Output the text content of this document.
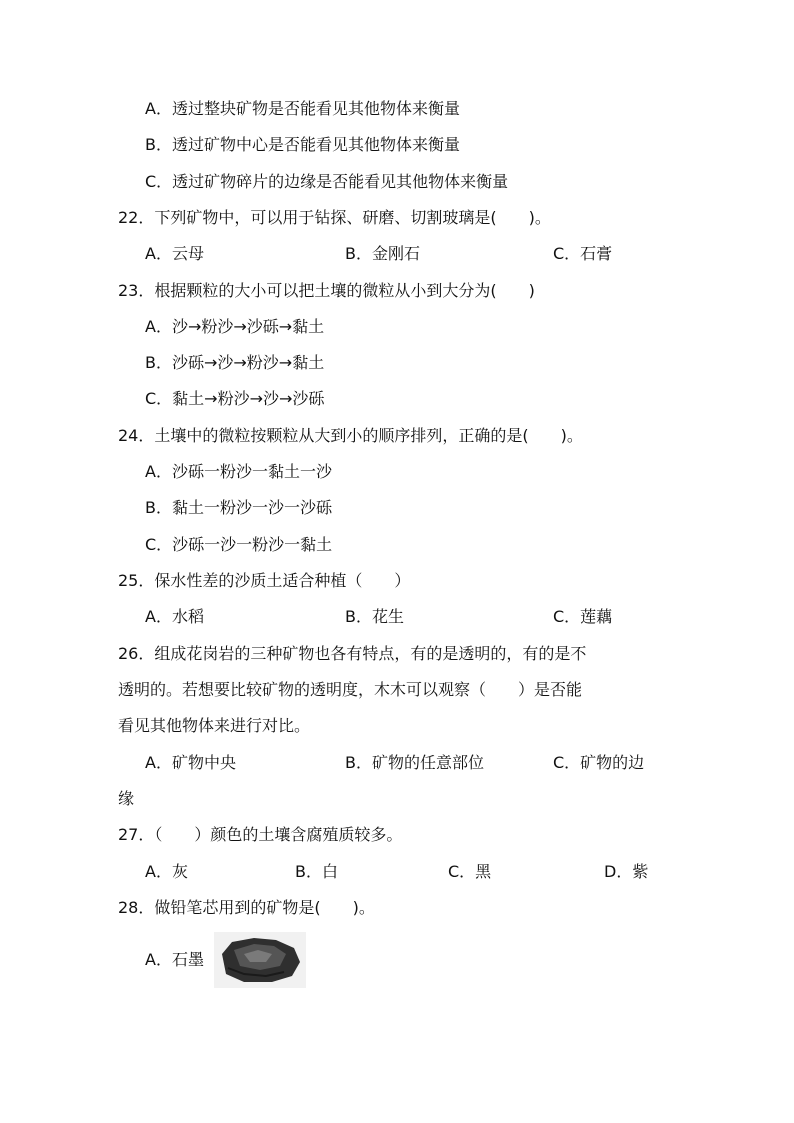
A．透过整块矿物是否能看见其他物体来衡量
B．透过矿物中心是否能看见其他物体来衡量
C．透过矿物碎片的边缘是否能看见其他物体来衡量
22．下列矿物中，可以用于钻探、研磨、切割玻璃是(　　)。
A．云母	B．金刚石	C．石膏
23．根据颗粒的大小可以把土壤的微粒从小到大分为(　　)
A．沙→粉沙→沙砾→黏土
B．沙砾→沙→粉沙→黏土
C．黏土→粉沙→沙→沙砾
24．土壤中的微粒按颗粒从大到小的顺序排列，正确的是(　　)。
A．沙砾一粉沙一黏土一沙
B．黏土一粉沙一沙一沙砾
C．沙砾一沙一粉沙一黏土
25．保水性差的沙质土适合种植（　　）
A．水稻	B．花生	C．莲藕
26．组成花岗岩的三种矿物也各有特点，有的是透明的，有的是不
透明的。若想要比较矿物的透明度，木木可以观察（　　）是否能
看见其他物体来进行对比。
A．矿物中央	B．矿物的任意部位	C．矿物的边
缘
27．（　　）颜色的土壤含腐殖质较多。
A．灰	B．白	C．黑	D．紫
28．做铅笔芯用到的矿物是(　　)。
A．石墨
